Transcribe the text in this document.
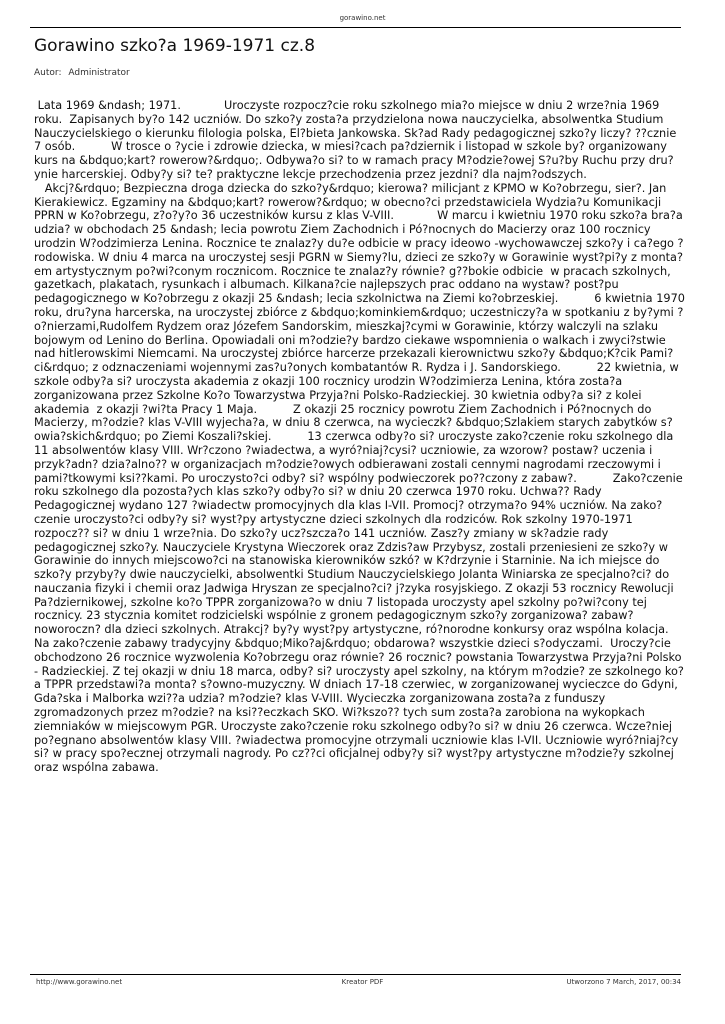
gorawino.net
Gorawino szko?a 1969-1971 cz.8
Autor: Administrator
Lata 1969 &ndash; 1971.            Uroczyste rozpocz?cie roku szkolnego mia?o miejsce w dniu 2 wrze?nia 1969 roku.  Zapisanych by?o 142 uczniów. Do szko?y zosta?a przydzielona nowa nauczycielka, absolwentka Studium Nauczycielskiego o kierunku filologia polska, El?bieta Jankowska. Sk?ad Rady pedagogicznej szko?y liczy? ??cznie 7 osób.          W trosce o ?ycie i zdrowie dziecka, w miesi?cach pa?dziernik i listopad w szkole by? organizowany kurs na &bdquo;kart? rowerow?&rdquo;. Odbywa?o si? to w ramach pracy M?odzie?owej S?u?by Ruchu przy dru?ynie harcerskiej. Odby?y si? te? praktyczne lekcje przechodzenia przez jezdni? dla najm?odszych.
Akcj?&rdquo; Bezpieczna droga dziecka do szko?y&rdquo; kierowa? milicjant z KPMO w Ko?obrzegu, sier?. Jan Kierakiewicz. Egzaminy na &bdquo;kart? rowerow?&rdquo; w obecno?ci przedstawiciela Wydzia?u Komunikacji PPRN w Ko?obrzegu, z?o?y?o 36 uczestników kursu z klas V-VIII.            W marcu i kwietniu 1970 roku szko?a bra?a udzia? w obchodach 25 &ndash; lecia powrotu Ziem Zachodnich i Pó?nocnych do Macierzy oraz 100 rocznicy urodzin W?odzimierza Lenina. Rocznice te znalaz?y du?e odbicie w pracy ideowo -wychowawczej szko?y i ca?ego ?rodowiska. W dniu 4 marca na uroczystej sesji PGRN w Siemy?lu, dzieci ze szko?y w Gorawinie wyst?pi?y z monta?em artystycznym po?wi?conym rocznicom. Rocznice te znalaz?y równie? g??bokie odbicie  w pracach szkolnych, gazetkach, plakatach, rysunkach i albumach. Kilkana?cie najlepszych prac oddano na wystaw? post?pu pedagogicznego w Ko?obrzegu z okazji 25 &ndash; lecia szkolnictwa na Ziemi ko?obrzeskiej.          6 kwietnia 1970 roku, dru?yna harcerska, na uroczystej zbiórce z &bdquo;kominkiem&rdquo; uczestniczy?a w spotkaniu z by?ymi ?o?nierzami,Rudolfem Rydzem oraz Józefem Sandorskim, mieszkaj?cymi w Gorawinie, którzy walczyli na szlaku bojowym od Lenino do Berlina. Opowiadali oni m?odzie?y bardzo ciekawe wspomnienia o walkach i zwyci?stwie nad hitlerowskimi Niemcami. Na uroczystej zbiórce harcerze przekazali kierownictwu szko?y &bdquo;K?cik Pami?ci&rdquo; z odznaczeniami wojennymi zas?u?onych kombatantów R. Rydza i J. Sandorskiego.          22 kwietnia, w szkole odby?a si? uroczysta akademia z okazji 100 rocznicy urodzin W?odzimierza Lenina, która zosta?a zorganizowana przez Szkolne Ko?o Towarzystwa Przyja?ni Polsko-Radzieckiej. 30 kwietnia odby?a si? z kolei akademia  z okazji ?wi?ta Pracy 1 Maja.          Z okazji 25 rocznicy powrotu Ziem Zachodnich i Pó?nocnych do Macierzy, m?odzie? klas V-VIII wyjecha?a, w dniu 8 czerwca, na wycieczk? &bdquo;Szlakiem starych zabytków s?owia?skich&rdquo; po Ziemi Koszali?skiej.          13 czerwca odby?o si? uroczyste zako?czenie roku szkolnego dla 11 absolwentów klasy VIII. Wr?czono ?wiadectwa, a wyró?niaj?cysi? uczniowie, za wzorow? postaw? uczenia i przyk?adn? dzia?alno?? w organizacjach m?odzie?owych odbierawani zostali cennymi nagrodami rzeczowymi i pami?tkowymi ksi??kami. Po uroczysto?ci odby? si? wspólny podwieczorek po??czony z zabaw?.          Zako?czenie roku szkolnego dla pozosta?ych klas szko?y odby?o si? w dniu 20 czerwca 1970 roku. Uchwa?? Rady Pedagogicznej wydano 127 ?wiadectw promocyjnych dla klas I-VII. Promocj? otrzyma?o 94% uczniów. Na zako?czenie uroczysto?ci odby?y si? wyst?py artystyczne dzieci szkolnych dla rodziców. Rok szkolny 1970-1971 rozpocz?? si? w dniu 1 wrze?nia. Do szko?y ucz?szcza?o 141 uczniów. Zasz?y zmiany w sk?adzie rady pedagogicznej szko?y. Nauczyciele Krystyna Wieczorek oraz Zdzis?aw Przybysz, zostali przeniesieni ze szko?y w Gorawinie do innych miejscowo?ci na stanowiska kierowników szkó? w K?drzynie i Starninie. Na ich miejsce do szko?y przyby?y dwie nauczycielki, absolwentki Studium Nauczycielskiego Jolanta Winiarska ze specjalno?ci? do nauczania fizyki i chemii oraz Jadwiga Hryszan ze specjalno?ci? j?zyka rosyjskiego. Z okazji 53 rocznicy Rewolucji Pa?dziernikowej, szkolne ko?o TPPR zorganizowa?o w dniu 7 listopada uroczysty apel szkolny po?wi?cony tej rocznicy. 23 stycznia komitet rodzicielski wspólnie z gronem pedagogicznym szko?y zorganizowa? zabaw? noworoczn? dla dzieci szkolnych. Atrakcj? by?y wyst?py artystyczne, ró?norodne konkursy oraz wspólna kolacja. Na zako?czenie zabawy tradycyjny &bdquo;Miko?aj&rdquo; obdarowa? wszystkie dzieci s?odyczami.  Uroczy?cie obchodzono 26 rocznice wyzwolenia Ko?obrzegu oraz równie? 26 rocznic? powstania Towarzystwa Przyja?ni Polsko - Radzieckiej. Z tej okazji w dniu 18 marca, odby? si? uroczysty apel szkolny, na którym m?odzie? ze szkolnego ko?a TPPR przedstawi?a monta? s?owno-muzyczny. W dniach 17-18 czerwiec, w zorganizowanej wycieczce do Gdyni, Gda?ska i Malborka wzi??a udzia? m?odzie? klas V-VIII. Wycieczka zorganizowana zosta?a z funduszy zgromadzonych przez m?odzie? na ksi??eczkach SKO. Wi?kszo?? tych sum zosta?a zarobiona na wykopkach ziemniaków w miejscowym PGR. Uroczyste zako?czenie roku szkolnego odby?o si? w dniu 26 czerwca. Wcze?niej po?egnano absolwentów klasy VIII. ?wiadectwa promocyjne otrzymali uczniowie klas I-VII. Uczniowie wyró?niaj?cy si? w pracy spo?ecznej otrzymali nagrody. Po cz??ci oficjalnej odby?y si? wyst?py artystyczne m?odzie?y szkolnej oraz wspólna zabawa.
http://www.gorawino.net	Kreator PDF	Utworzono 7 March, 2017, 00:34
